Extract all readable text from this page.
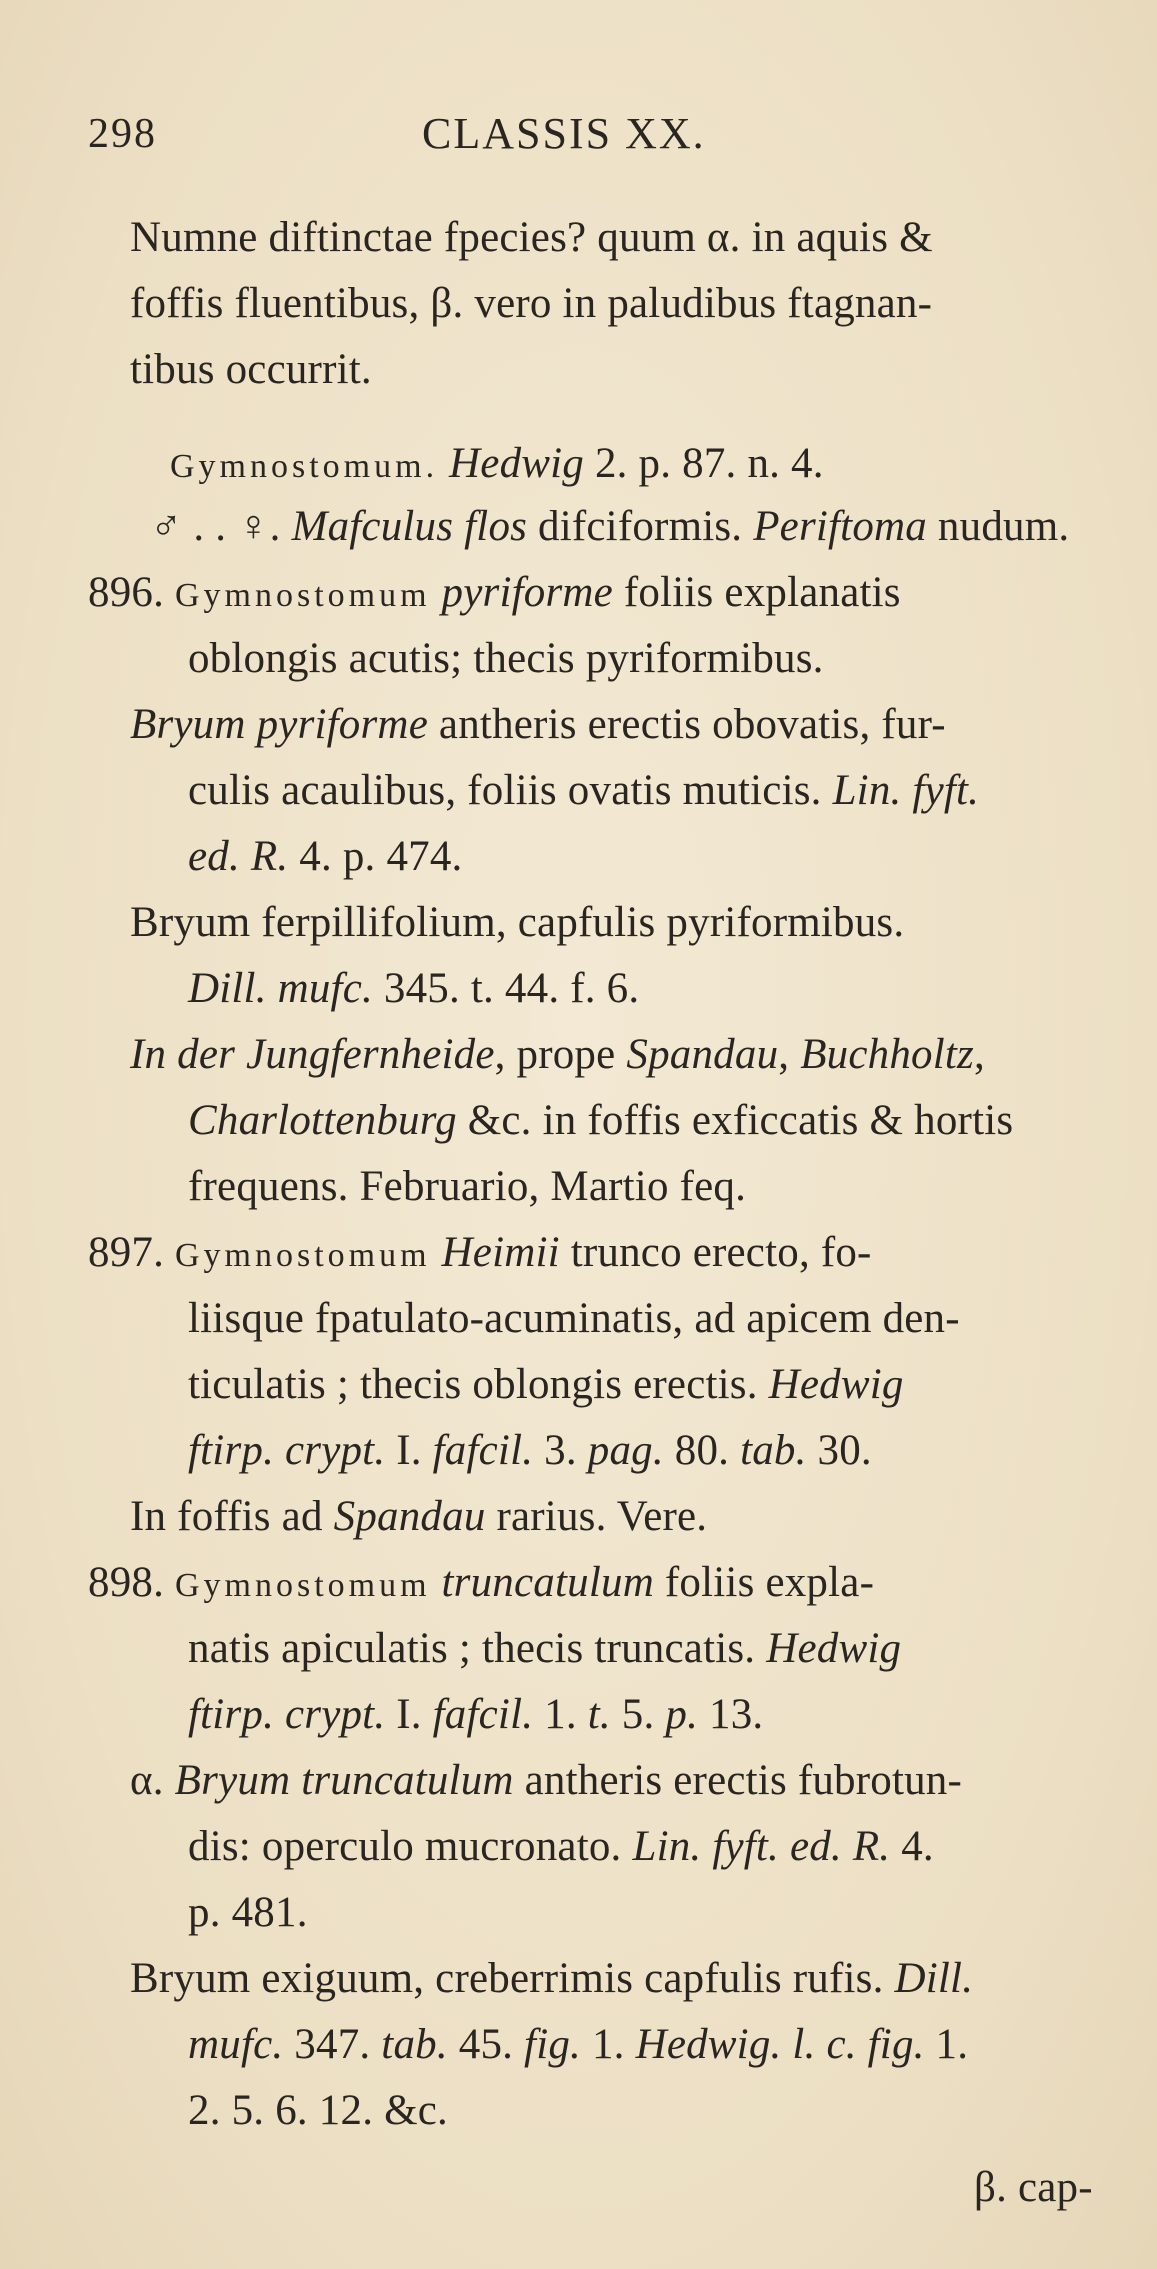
298	CLASSIS XX.
Numne diftinctae fpecies? quum α. in aquis &
foffis fluentibus, β. vero in paludibus ftagnan-
tibus occurrit.
Gymnostomum. Hedwig 2. p. 87. n. 4.
♂ . . ♀. Mafculus flos difciformis. Periftoma nudum.
896. Gymnostomum pyriforme foliis explanatis
oblongis acutis; thecis pyriformibus.
Bryum pyriforme antheris erectis obovatis, fur-
culis acaulibus, foliis ovatis muticis. Lin. fyft.
ed. R. 4. p. 474.
Bryum ferpillifolium, capfulis pyriformibus.
Dill. mufc. 345. t. 44. f. 6.
In der Jungfernheide, prope Spandau, Buchholtz,
Charlottenburg &c. in foffis exficcatis & hortis
frequens. Februario, Martio feq.
897. Gymnostomum Heimii trunco erecto, fo-
liisque fpatulato-acuminatis, ad apicem den-
ticulatis ; thecis oblongis erectis. Hedwig
ftirp. crypt. I. fafcil. 3. pag. 80. tab. 30.
In foffis ad Spandau rarius. Vere.
898. Gymnostomum truncatulum foliis expla-
natis apiculatis ; thecis truncatis. Hedwig
ftirp. crypt. I. fafcil. 1. t. 5. p. 13.
α. Bryum truncatulum antheris erectis fubrotun-
dis: operculo mucronato. Lin. fyft. ed. R. 4.
p. 481.
Bryum exiguum, creberrimis capfulis rufis. Dill.
mufc. 347. tab. 45. fig. 1. Hedwig. l. c. fig. 1.
2. 5. 6. 12. &c.
β. cap-
